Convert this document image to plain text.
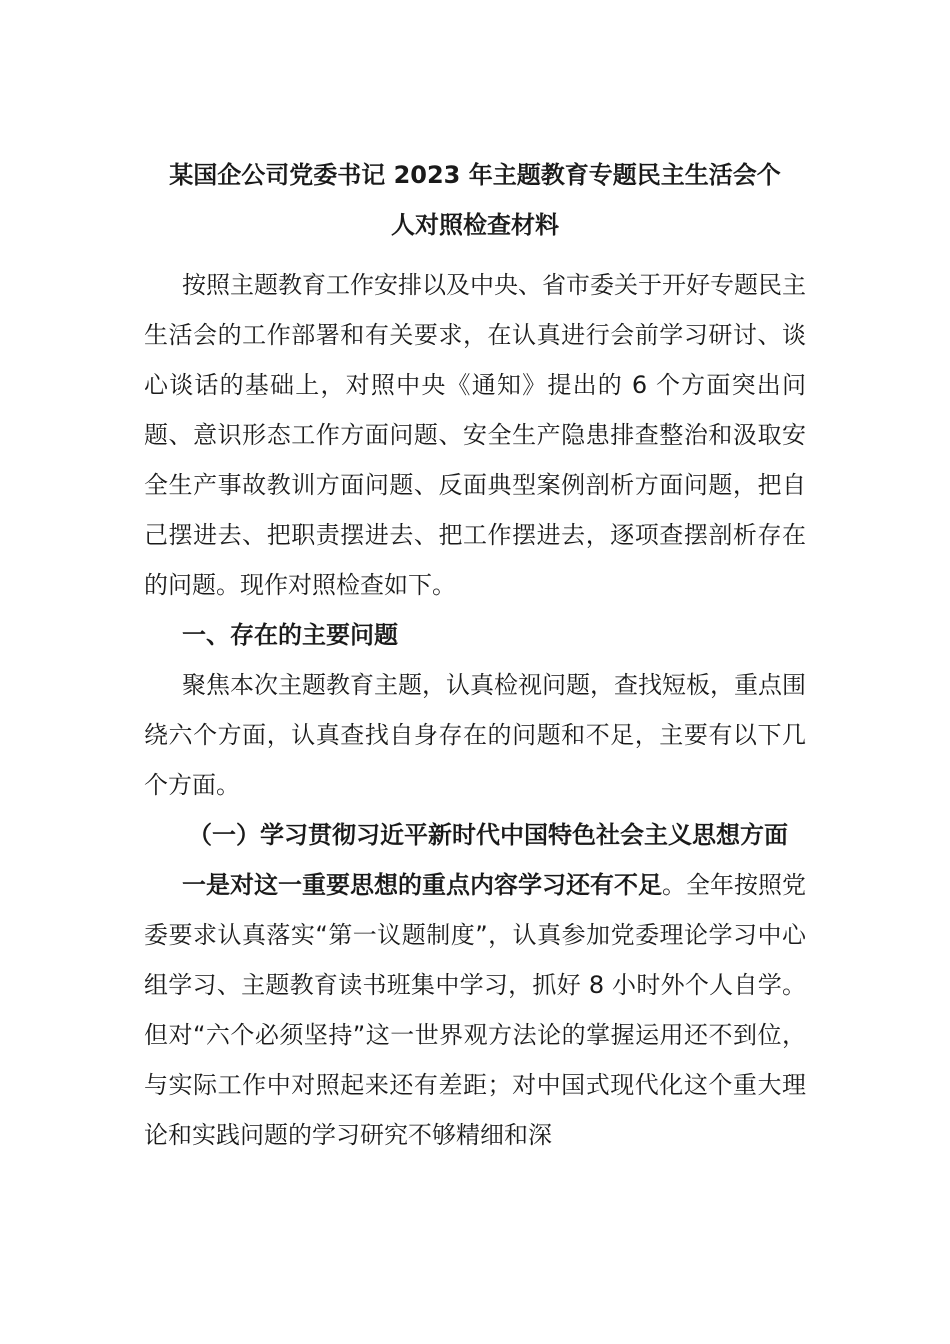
某国企公司党委书记 2023 年主题教育专题民主生活会个
人对照检查材料

按照主题教育工作安排以及中央、省市委关于开好专题民主生活会的工作部署和有关要求，在认真进行会前学习研讨、谈心谈话的基础上，对照中央《通知》提出的 6 个方面突出问题、意识形态工作方面问题、安全生产隐患排查整治和汲取安全生产事故教训方面问题、反面典型案例剖析方面问题，把自己摆进去、把职责摆进去、把工作摆进去，逐项查摆剖析存在的问题。现作对照检查如下。

一、存在的主要问题

聚焦本次主题教育主题，认真检视问题，查找短板，重点围绕六个方面，认真查找自身存在的问题和不足，主要有以下几个方面。

（一）学习贯彻习近平新时代中国特色社会主义思想方面

一是对这一重要思想的重点内容学习还有不足。全年按照党委要求认真落实“第一议题制度”，认真参加党委理论学习中心组学习、主题教育读书班集中学习，抓好 8 小时外个人自学。但对“六个必须坚持”这一世界观方法论的掌握运用还不到位，与实际工作中对照起来还有差距；对中国式现代化这个重大理论和实践问题的学习研究不够精细和深
